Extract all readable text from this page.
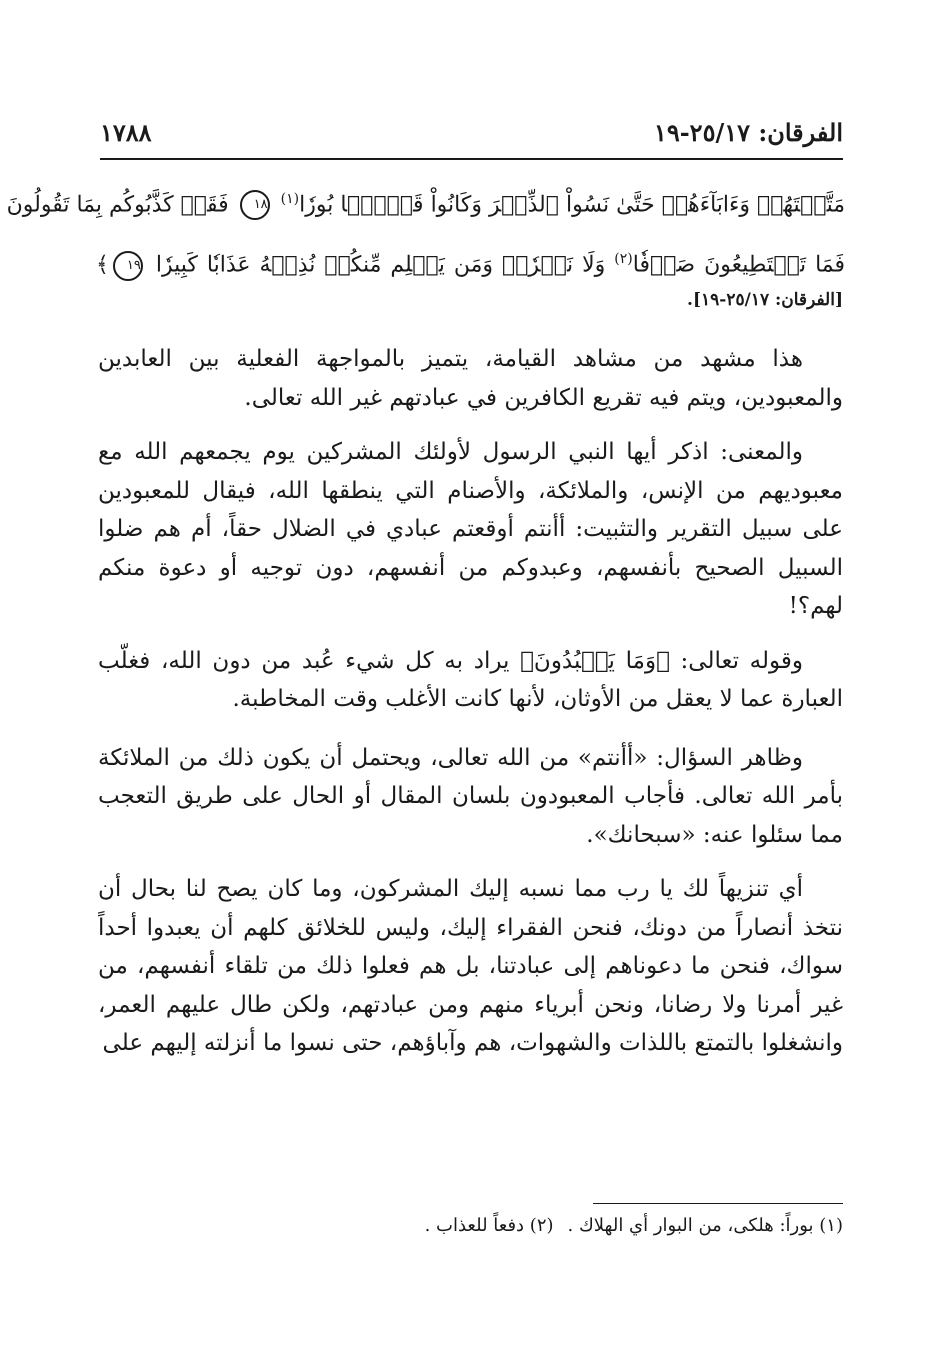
الفرقان: ٢٥/١٧-١٩
١٧٨٨
مَتَّعۡتَهُمۡ وَءَابَآءَهُمۡ حَتَّىٰ نَسُواْ ٱلذِّكۡرَ وَكَانُواْ قَوۡمَۢا بُورٗا$^{(١)}$ ١٨ فَقَدۡ كَذَّبُوكُم بِمَا تَقُولُونَ
فَمَا تَسۡتَطِيعُونَ صَرۡفٗا$^{(٢)}$ وَلَا نَصۡرٗاۚ وَمَن يَظۡلِم مِّنكُمۡ نُذِقۡهُ عَذَابٗا كَبِيرٗا ١٩﴾
[الفرقان: ٢٥/١٧-١٩].

هذا مشهد من مشاهد القيامة، يتميز بالمواجهة الفعلية بين العابدين والمعبودين، ويتم فيه تقريع الكافرين في عبادتهم غير الله تعالى.

والمعنى: اذكر أيها النبي الرسول لأولئك المشركين يوم يجمعهم الله مع معبوديهم من الإنس، والملائكة، والأصنام التي ينطقها الله، فيقال للمعبودين على سبيل التقرير والتثبيت: أأنتم أوقعتم عبادي في الضلال حقاً، أم هم ضلوا السبيل الصحيح بأنفسهم، وعبدوكم من أنفسهم، دون توجيه أو دعوة منكم لهم؟!

وقوله تعالى: ﴿وَمَا يَعۡبُدُونَ﴾ يراد به كل شيء عُبد من دون الله، فغلّب العبارة عما لا يعقل من الأوثان، لأنها كانت الأغلب وقت المخاطبة.

وظاهر السؤال: «أأنتم» من الله تعالى، ويحتمل أن يكون ذلك من الملائكة بأمر الله تعالى. فأجاب المعبودون بلسان المقال أو الحال على طريق التعجب مما سئلوا عنه: «سبحانك».

أي تنزيهاً لك يا رب مما نسبه إليك المشركون، وما كان يصح لنا بحال أن نتخذ أنصاراً من دونك، فنحن الفقراء إليك، وليس للخلائق كلهم أن يعبدوا أحداً سواك، فنحن ما دعوناهم إلى عبادتنا، بل هم فعلوا ذلك من تلقاء أنفسهم، من غير أمرنا ولا رضانا، ونحن أبرياء منهم ومن عبادتهم، ولكن طال عليهم العمر، وانشغلوا بالتمتع باللذات والشهوات، هم وآباؤهم، حتى نسوا ما أنزلته إليهم على

(١) بوراً: هلكى، من البوار أي الهلاك .(٢) دفعاً للعذاب .
